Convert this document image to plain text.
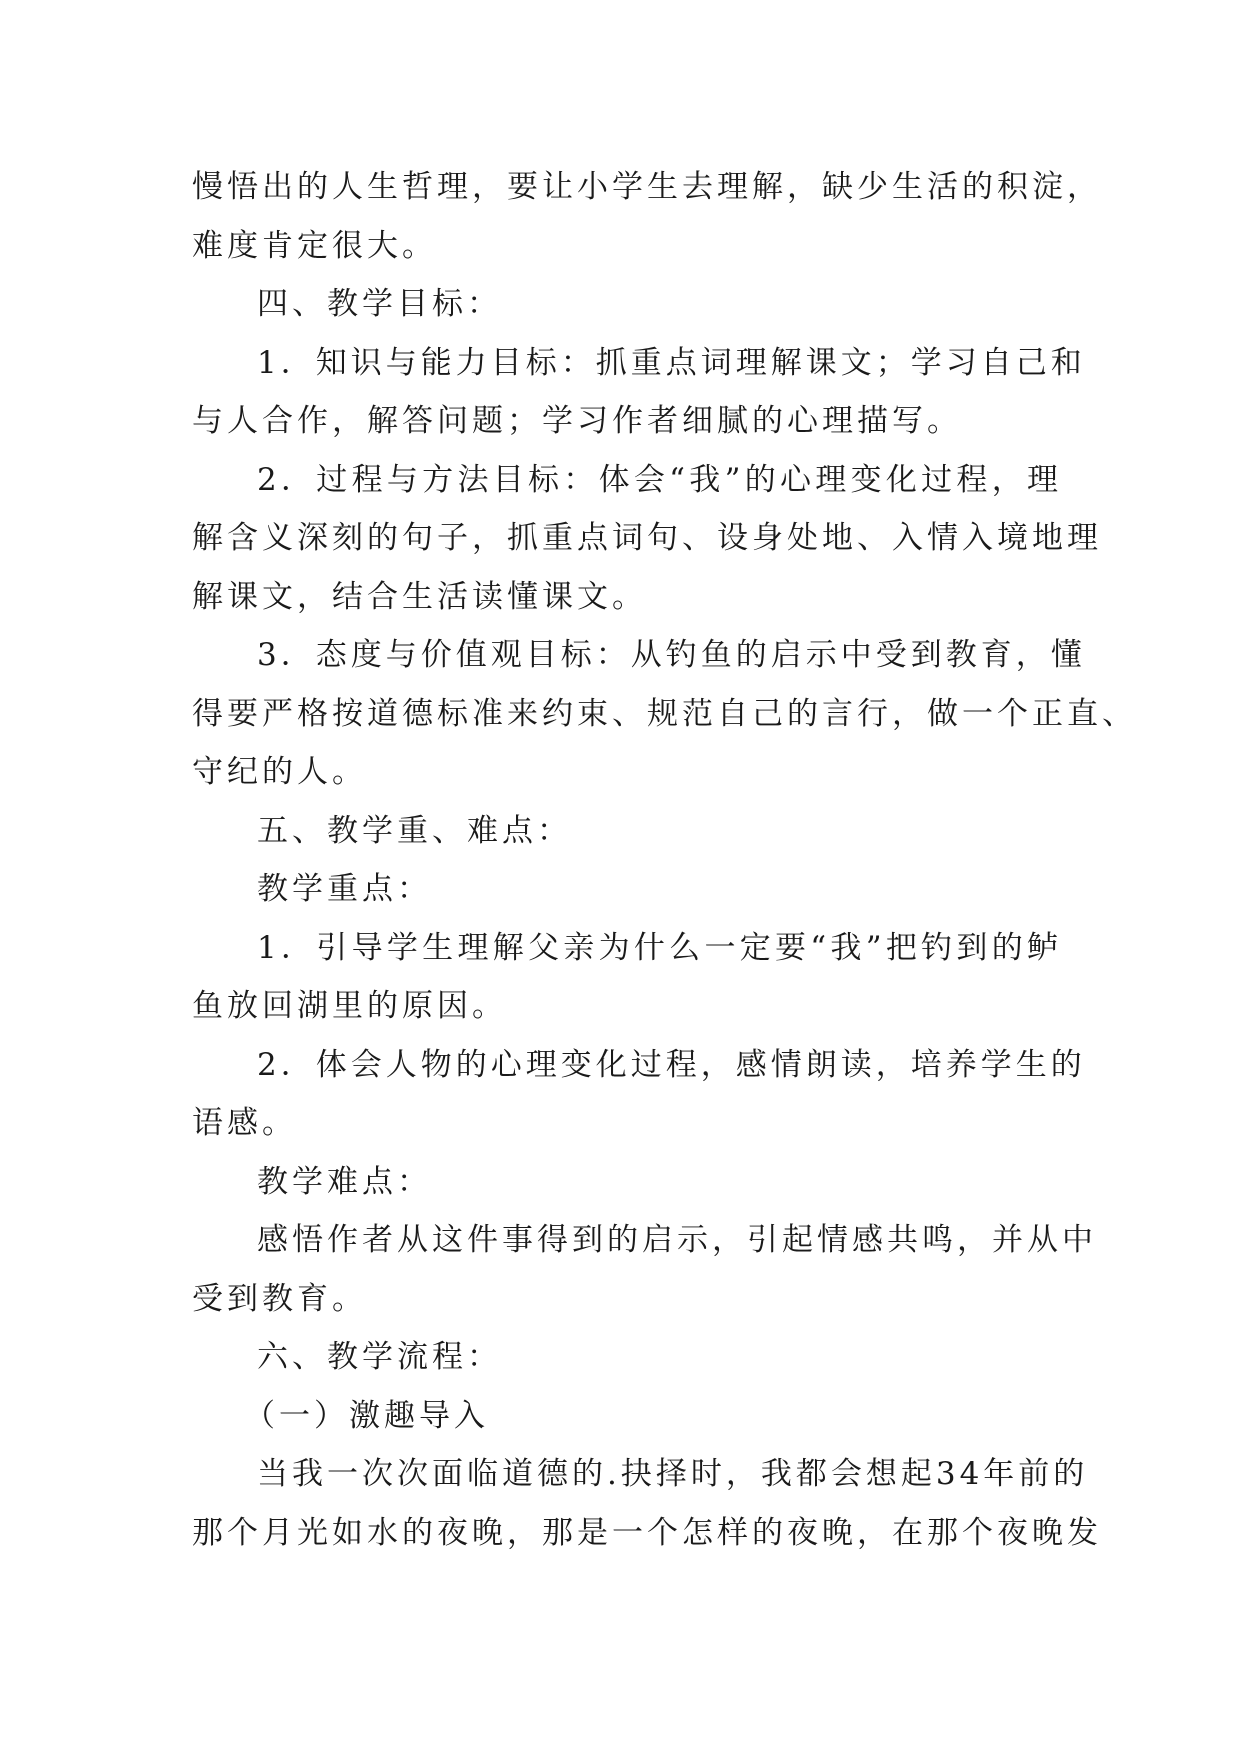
慢悟出的人生哲理，要让小学生去理解，缺少生活的积淀，

难度肯定很大。

四、教学目标：

1．知识与能力目标：抓重点词理解课文；学习自己和

与人合作，解答问题；学习作者细腻的心理描写。

2．过程与方法目标：体会“我”的心理变化过程，理

解含义深刻的句子，抓重点词句、设身处地、入情入境地理

解课文，结合生活读懂课文。

3．态度与价值观目标：从钓鱼的启示中受到教育，懂

得要严格按道德标准来约束、规范自己的言行，做一个正直、

守纪的人。

五、教学重、难点：

教学重点：

1．引导学生理解父亲为什么一定要“我”把钓到的鲈

鱼放回湖里的原因。

2．体会人物的心理变化过程，感情朗读，培养学生的

语感。

教学难点：

感悟作者从这件事得到的启示，引起情感共鸣，并从中

受到教育。

六、教学流程：

（一）激趣导入

当我一次次面临道德的.抉择时，我都会想起34年前的

那个月光如水的夜晚，那是一个怎样的夜晚，在那个夜晚发
